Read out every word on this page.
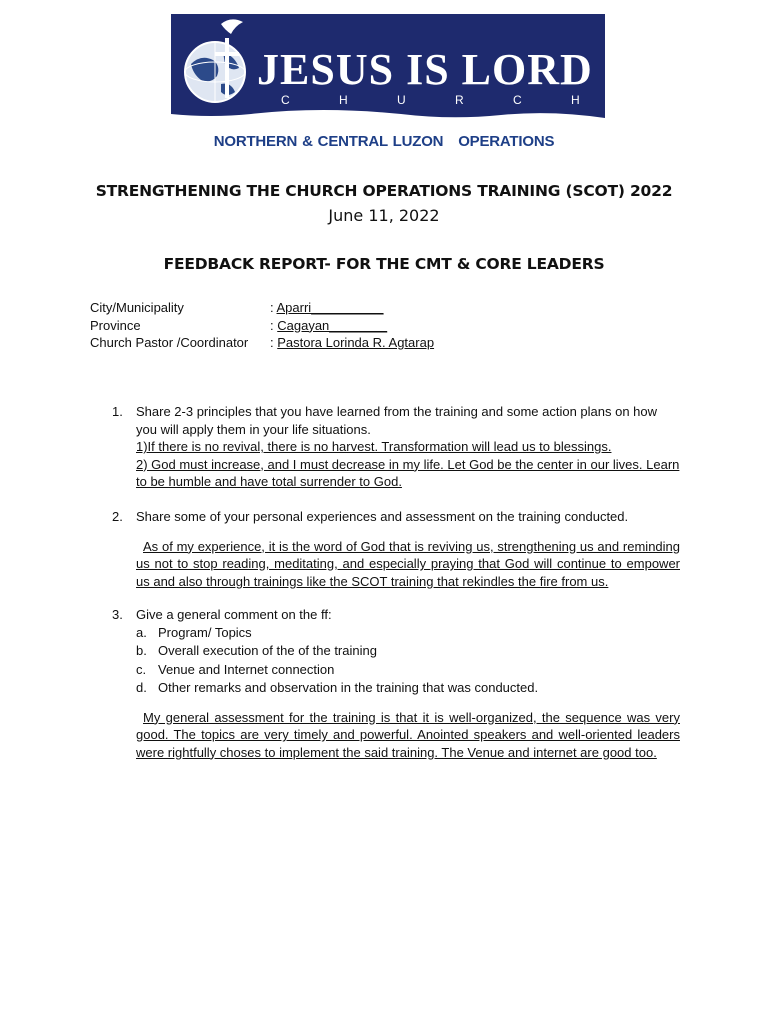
JESUS IS LORD
C H U R C H
NORTHERN & CENTRAL LUZON   OPERATIONS
STRENGTHENING THE CHURCH OPERATIONS TRAINING (SCOT) 2022
June 11, 2022
FEEDBACK REPORT- FOR THE CMT & CORE LEADERS
City/Municipality	: Aparri__________
Province	: Cagayan________
Church Pastor /Coordinator	: Pastora Lorinda R. Agtarap
1. Share 2-3 principles that you have learned from the training and some action plans on how you will apply them in your life situations.
1)If there is no revival, there is no harvest. Transformation will lead us to blessings.
2) God must increase, and I must decrease in my life. Let God be the center in our lives. Learn to be humble and have total surrender to God.
2. Share some of your personal experiences and assessment on the training conducted.
As of my experience, it is the word of God that is reviving us, strengthening us and reminding us not to stop reading, meditating, and especially praying that God will continue to empower us and also through trainings like the SCOT training that rekindles the fire from us.
3. Give a general comment on the ff:
a. Program/ Topics
b. Overall execution of the of the training
c. Venue and Internet connection
d. Other remarks and observation in the training that was conducted.
My general assessment for the training is that it is well-organized, the sequence was very good. The topics are very timely and powerful. Anointed speakers and well-oriented leaders were rightfully choses to implement the said training. The Venue and internet are good too.
